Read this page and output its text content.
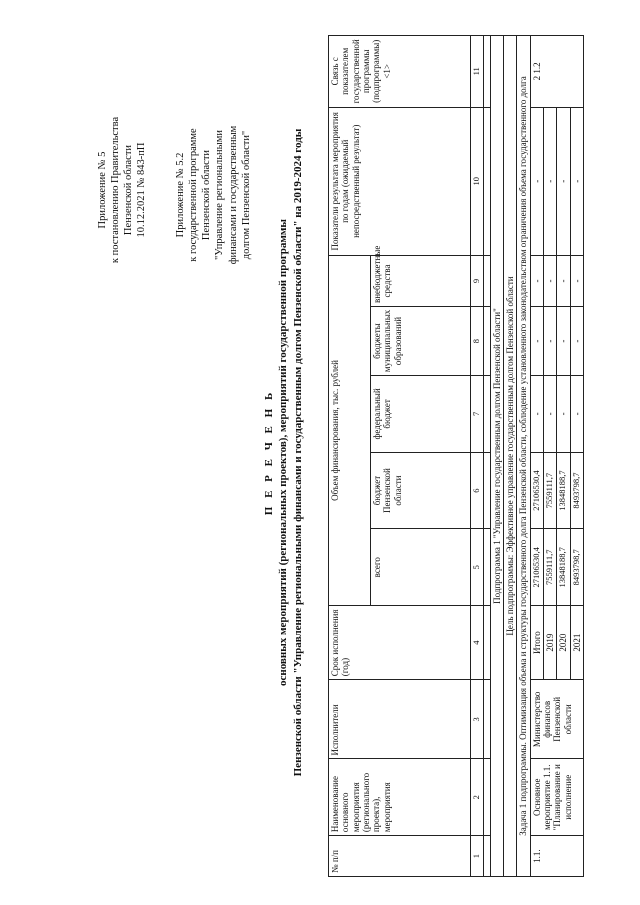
Приложение № 5 к постановлению Правительства Пензенской области 10.12.2021 № 843-пП	Приложение № 5.2 к государственной программе Пензенской области "Управление региональными финансами и государственным долгом Пензенской области"
П Е Р Е Ч Е Н Ь основных мероприятий (региональных проектов), мероприятий государственной программы Пензенской области "Управление региональными финансами и государственным долгом Пензенской области" на 2019-2024 годы
№ п/п	Наименование основного мероприятия (регионального проекта), мероприятия	Исполнители	Срок исполнения (год)	Объем финансирования, тыс. рублей					Показатели результата мероприятия по годам (ожидаемый непосредственный результат)	Связь с показателем государственной программы (подпрограммы) <1>
				всего	бюджет Пензенской области	федеральный бюджет	бюджеты муниципальных образований	внебюджетные средства		
1	2	3	4	5	6	7	8	9	10	11

Подпрограмма 1 "Управление государственным долгом Пензенской области"										
Цель подпрограммы: Эффективное управление государственным долгом Пензенской области										
Задача 1 подпрограммы. Оптимизация объема и структуры государственного долга Пензенской области, соблюдение установленного законодательством ограничения объема государственного долга										
1.1.	Основное мероприятие 1.1. "Планирование и исполнение	Министерство финансов Пензенской области	Итого	27106530,4	27106530,4	-	-	-	-	2 1.2
			2019	7559111,7	7559111,7	-	-	-	-	
			2020	13848188,7	13848188,7	-	-	-	-	
			2021	8493798,7	8493798,7	-	-	-	-	
